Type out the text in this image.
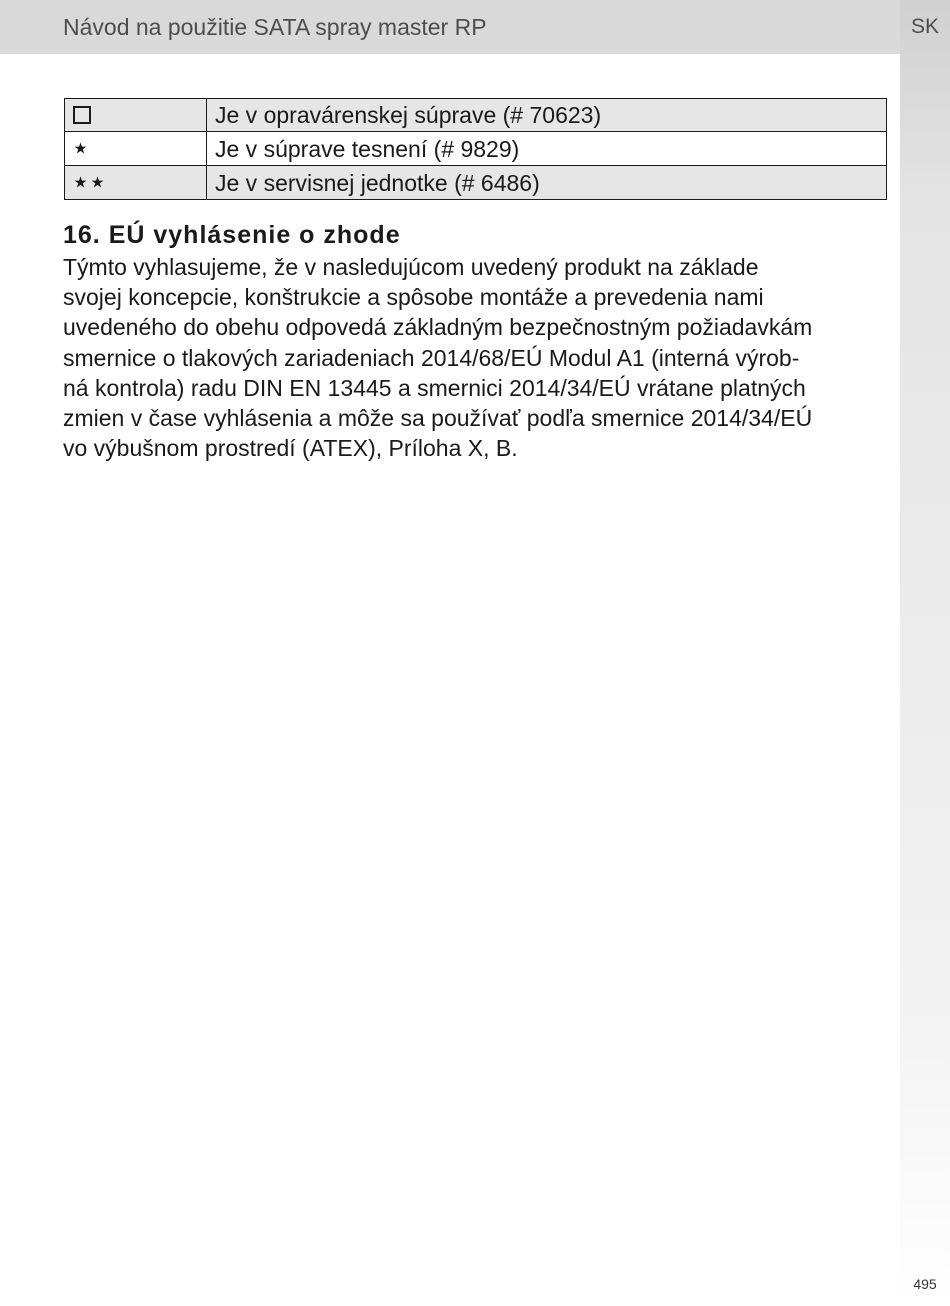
Návod na použitie SATA spray master RP	SK
	Je v opravárenskej súprave (# 70623)
⋆	Je v súprave tesnení (# 9829)
⋆⋆	Je v servisnej jednotke (# 6486)
16. EÚ vyhlásenie o zhode
Týmto vyhlasujeme, že v nasledujúcom uvedený produkt na základe
svojej koncepcie, konštrukcie a spôsobe montáže a prevedenia nami
uvedeného do obehu odpovedá základným bezpečnostným požiadavkám
smernice o tlakových zariadeniach 2014/68/EÚ Modul A1 (interná výrob-
ná kontrola) radu DIN EN 13445 a smernici 2014/34/EÚ vrátane platných
zmien v čase vyhlásenia a môže sa používať podľa smernice 2014/34/EÚ
vo výbušnom prostredí (ATEX), Príloha X, B.
495
